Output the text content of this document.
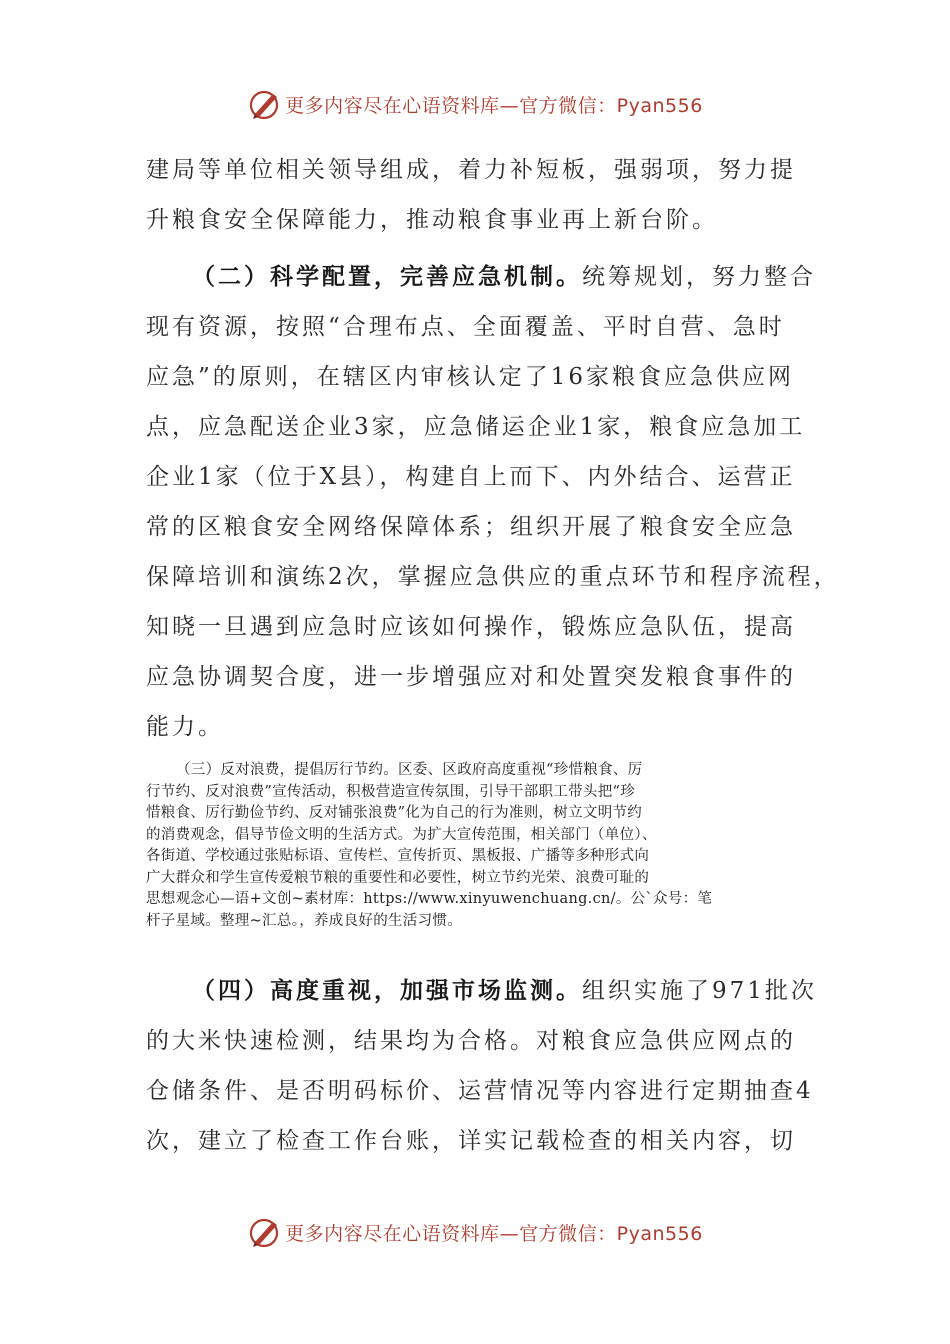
更多内容尽在心语资料库—官方微信：Pyan556
建局等单位相关领导组成，着力补短板，强弱项，努力提
升粮食安全保障能力，推动粮食事业再上新台阶。
（二）科学配置，完善应急机制。统筹规划，努力整合
现有资源，按照“合理布点、全面覆盖、平时自营、急时
应急”的原则，在辖区内审核认定了16家粮食应急供应网
点，应急配送企业3家，应急储运企业1家，粮食应急加工
企业1家（位于X县），构建自上而下、内外结合、运营正
常的区粮食安全网络保障体系；组织开展了粮食安全应急
保障培训和演练2次，掌握应急供应的重点环节和程序流程，
知晓一旦遇到应急时应该如何操作，锻炼应急队伍，提高
应急协调契合度，进一步增强应对和处置突发粮食事件的
能力。
（三）反对浪费，提倡厉行节约。区委、区政府高度重视“珍惜粮食、厉
行节约、反对浪费”宣传活动，积极营造宣传氛围，引导干部职工带头把“珍
惜粮食、厉行勤俭节约、反对铺张浪费”化为自己的行为准则，树立文明节约
的消费观念，倡导节俭文明的生活方式。为扩大宣传范围，相关部门（单位）、
各街道、学校通过张贴标语、宣传栏、宣传折页、黑板报、广播等多种形式向
广大群众和学生宣传爱粮节粮的重要性和必要性，树立节约光荣、浪费可耻的
思想观念心—语+文创~素材库：https://www.xinyuwenchuang.cn/。公`众号：笔
杆子星域。整理~汇总。，养成良好的生活习惯。
（四）高度重视，加强市场监测。组织实施了971批次
的大米快速检测，结果均为合格。对粮食应急供应网点的
仓储条件、是否明码标价、运营情况等内容进行定期抽查4
次，建立了检查工作台账，详实记载检查的相关内容，切
更多内容尽在心语资料库—官方微信：Pyan556
